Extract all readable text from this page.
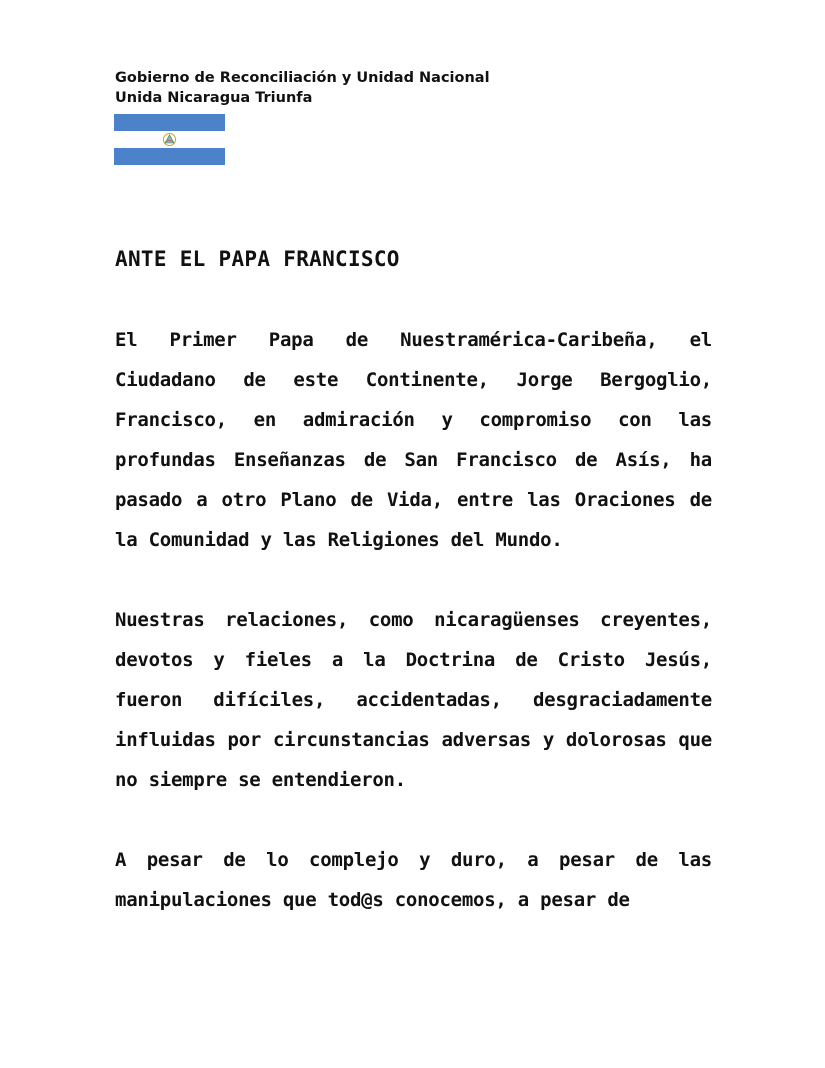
Gobierno de Reconciliación y Unidad Nacional
Unida Nicaragua Triunfa
ANTE EL PAPA FRANCISCO

El Primer Papa de Nuestramérica-Caribeña, el Ciudadano de este Continente, Jorge Bergoglio, Francisco, en admiración y compromiso con las profundas Enseñanzas de San Francisco de Asís, ha pasado a otro Plano de Vida, entre las Oraciones de la Comunidad y las Religiones del Mundo.

Nuestras relaciones, como nicaragüenses creyentes, devotos y fieles a la Doctrina de Cristo Jesús, fueron difíciles, accidentadas, desgraciadamente influidas por circunstancias adversas y dolorosas que no siempre se entendieron.

A pesar de lo complejo y duro, a pesar de las manipulaciones que tod@s conocemos, a pesar de
